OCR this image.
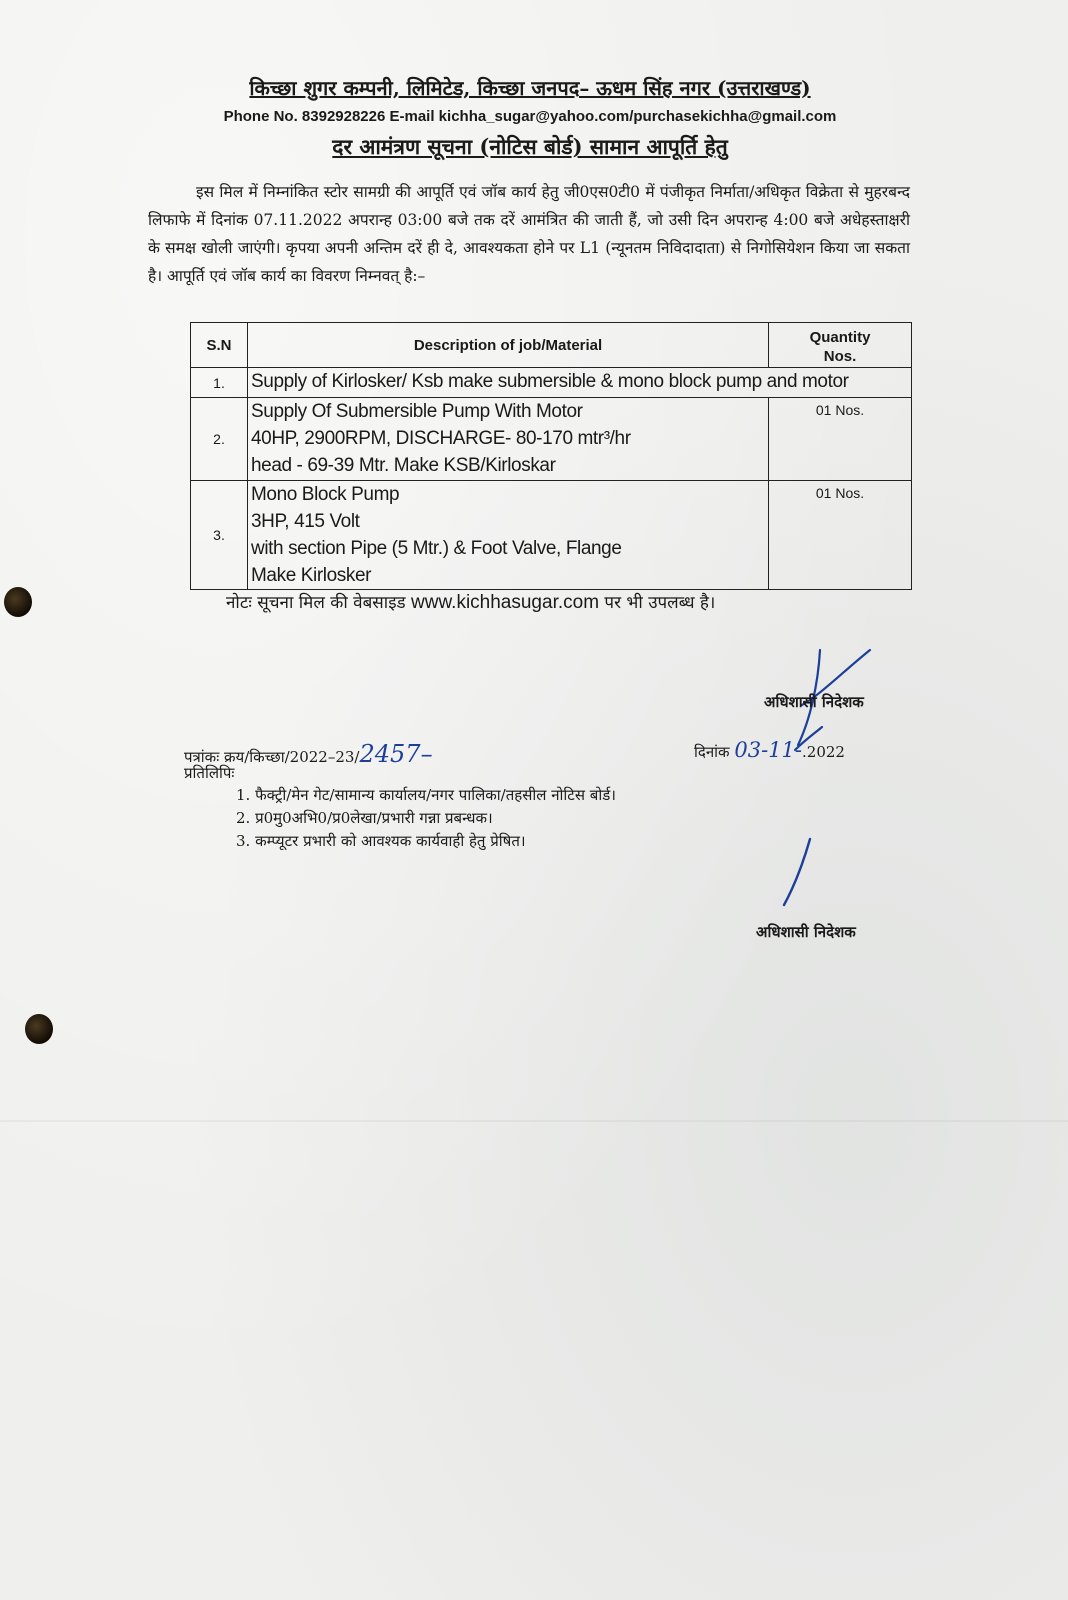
किच्छा शुगर कम्पनी, लिमिटेड, किच्छा जनपद– ऊधम सिंह नगर (उत्तराखण्ड)
Phone No. 8392928226 E-mail kichha_sugar@yahoo.com/purchasekichha@gmail.com
दर आमंत्रण सूचना (नोटिस बोर्ड) सामान आपूर्ति हेतु
इस मिल में निम्नांकित स्टोर सामग्री की आपूर्ति एवं जॉब कार्य हेतु जी0एस0टी0 में पंजीकृत निर्माता/अधिकृत विक्रेता से मुहरबन्द लिफाफे में दिनांक 07.11.2022 अपरान्ह 03:00 बजे तक दरें आमंत्रित की जाती हैं, जो उसी दिन अपरान्ह 4:00 बजे अधेहस्ताक्षरी के समक्ष खोली जाएंगी। कृपया अपनी अन्तिम दरें ही दे, आवश्यकता होने पर L1 (न्यूनतम निविदादाता) से निगोसियेशन किया जा सकता है। आपूर्ति एवं जॉब कार्य का विवरण निम्नवत् है:–
S.N	Description of job/Material	Quantity
Nos.

1.	Supply of Kirlosker/ Ksb make submersible & mono block pump and motor	

2.	Supply Of Submersible Pump With Motor
40HP, 2900RPM, DISCHARGE- 80-170 mtr³/hr
head - 69-39 Mtr. Make KSB/Kirloskar	01 Nos.
3.	Mono Block Pump
3HP, 415 Volt
with section Pipe (5 Mtr.) & Foot Valve, Flange
Make Kirlosker	01 Nos.
नोटः सूचना मिल की वेबसाइड www.kichhasugar.com पर भी उपलब्ध है।
अधिशासी निदेशक
पत्रांकः क्रय/किच्छा/2022–23/2457–	दिनांक 03-11-.2022
प्रतिलिपिः
1. फैक्ट्री/मेन गेट/सामान्य कार्यालय/नगर पालिका/तहसील नोटिस बोर्ड।
2. प्र0मु0अभि0/प्र0लेखा/प्रभारी गन्ना प्रबन्धक।
3. कम्प्यूटर प्रभारी को आवश्यक कार्यवाही हेतु प्रेषित।
अधिशासी निदेशक
